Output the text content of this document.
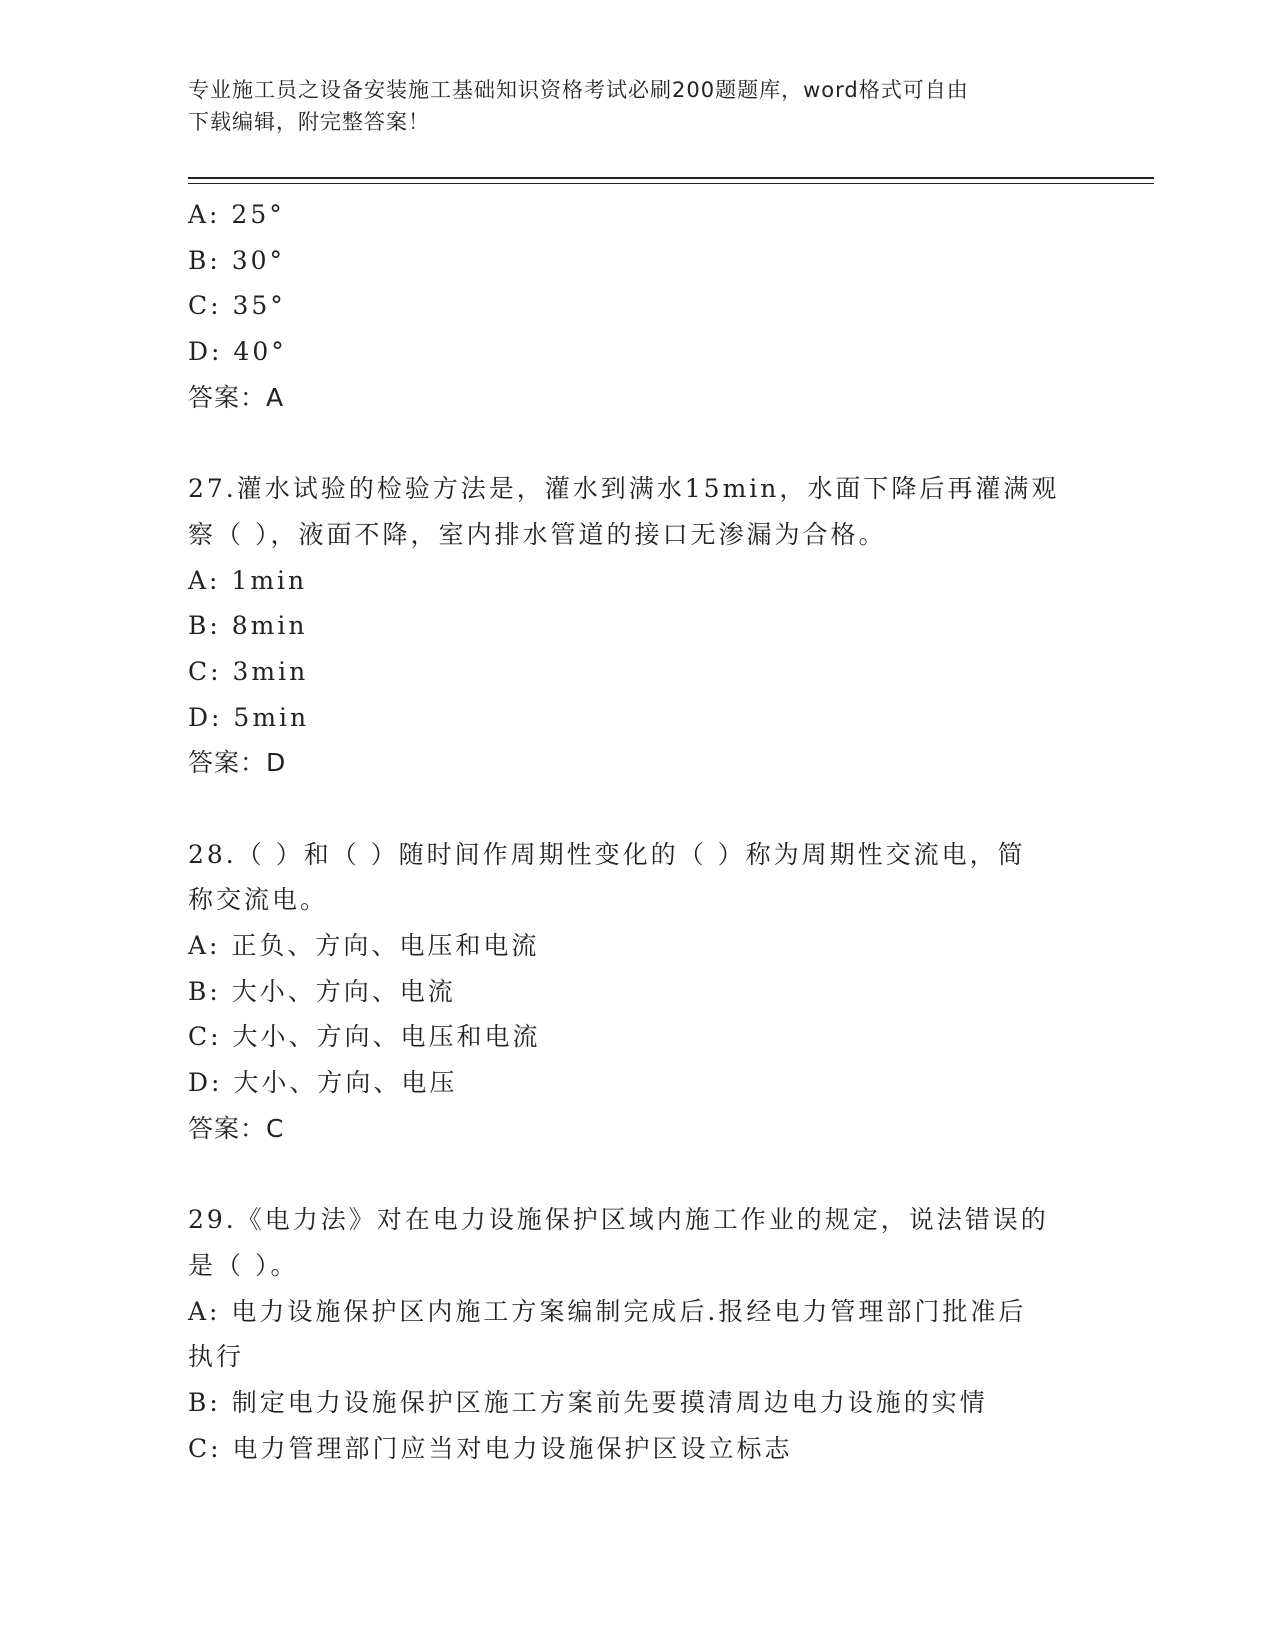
专业施工员之设备安装施工基础知识资格考试必刷200题题库，word格式可自由
下载编辑，附完整答案！
A: 25°
B: 30°
C: 35°
D: 40°
答案：A
27.灌水试验的检验方法是，灌水到满水15min，水面下降后再灌满观
察（ ），液面不降，室内排水管道的接口无渗漏为合格。
A: 1min
B: 8min
C: 3min
D: 5min
答案：D
28.（ ）和（ ）随时间作周期性变化的（ ）称为周期性交流电，简
称交流电。
A: 正负、方向、电压和电流
B: 大小、方向、电流
C: 大小、方向、电压和电流
D: 大小、方向、电压
答案：C
29.《电力法》对在电力设施保护区域内施工作业的规定，说法错误的
是（ ）。
A: 电力设施保护区内施工方案编制完成后.报经电力管理部门批准后
执行
B: 制定电力设施保护区施工方案前先要摸清周边电力设施的实情
C: 电力管理部门应当对电力设施保护区设立标志
